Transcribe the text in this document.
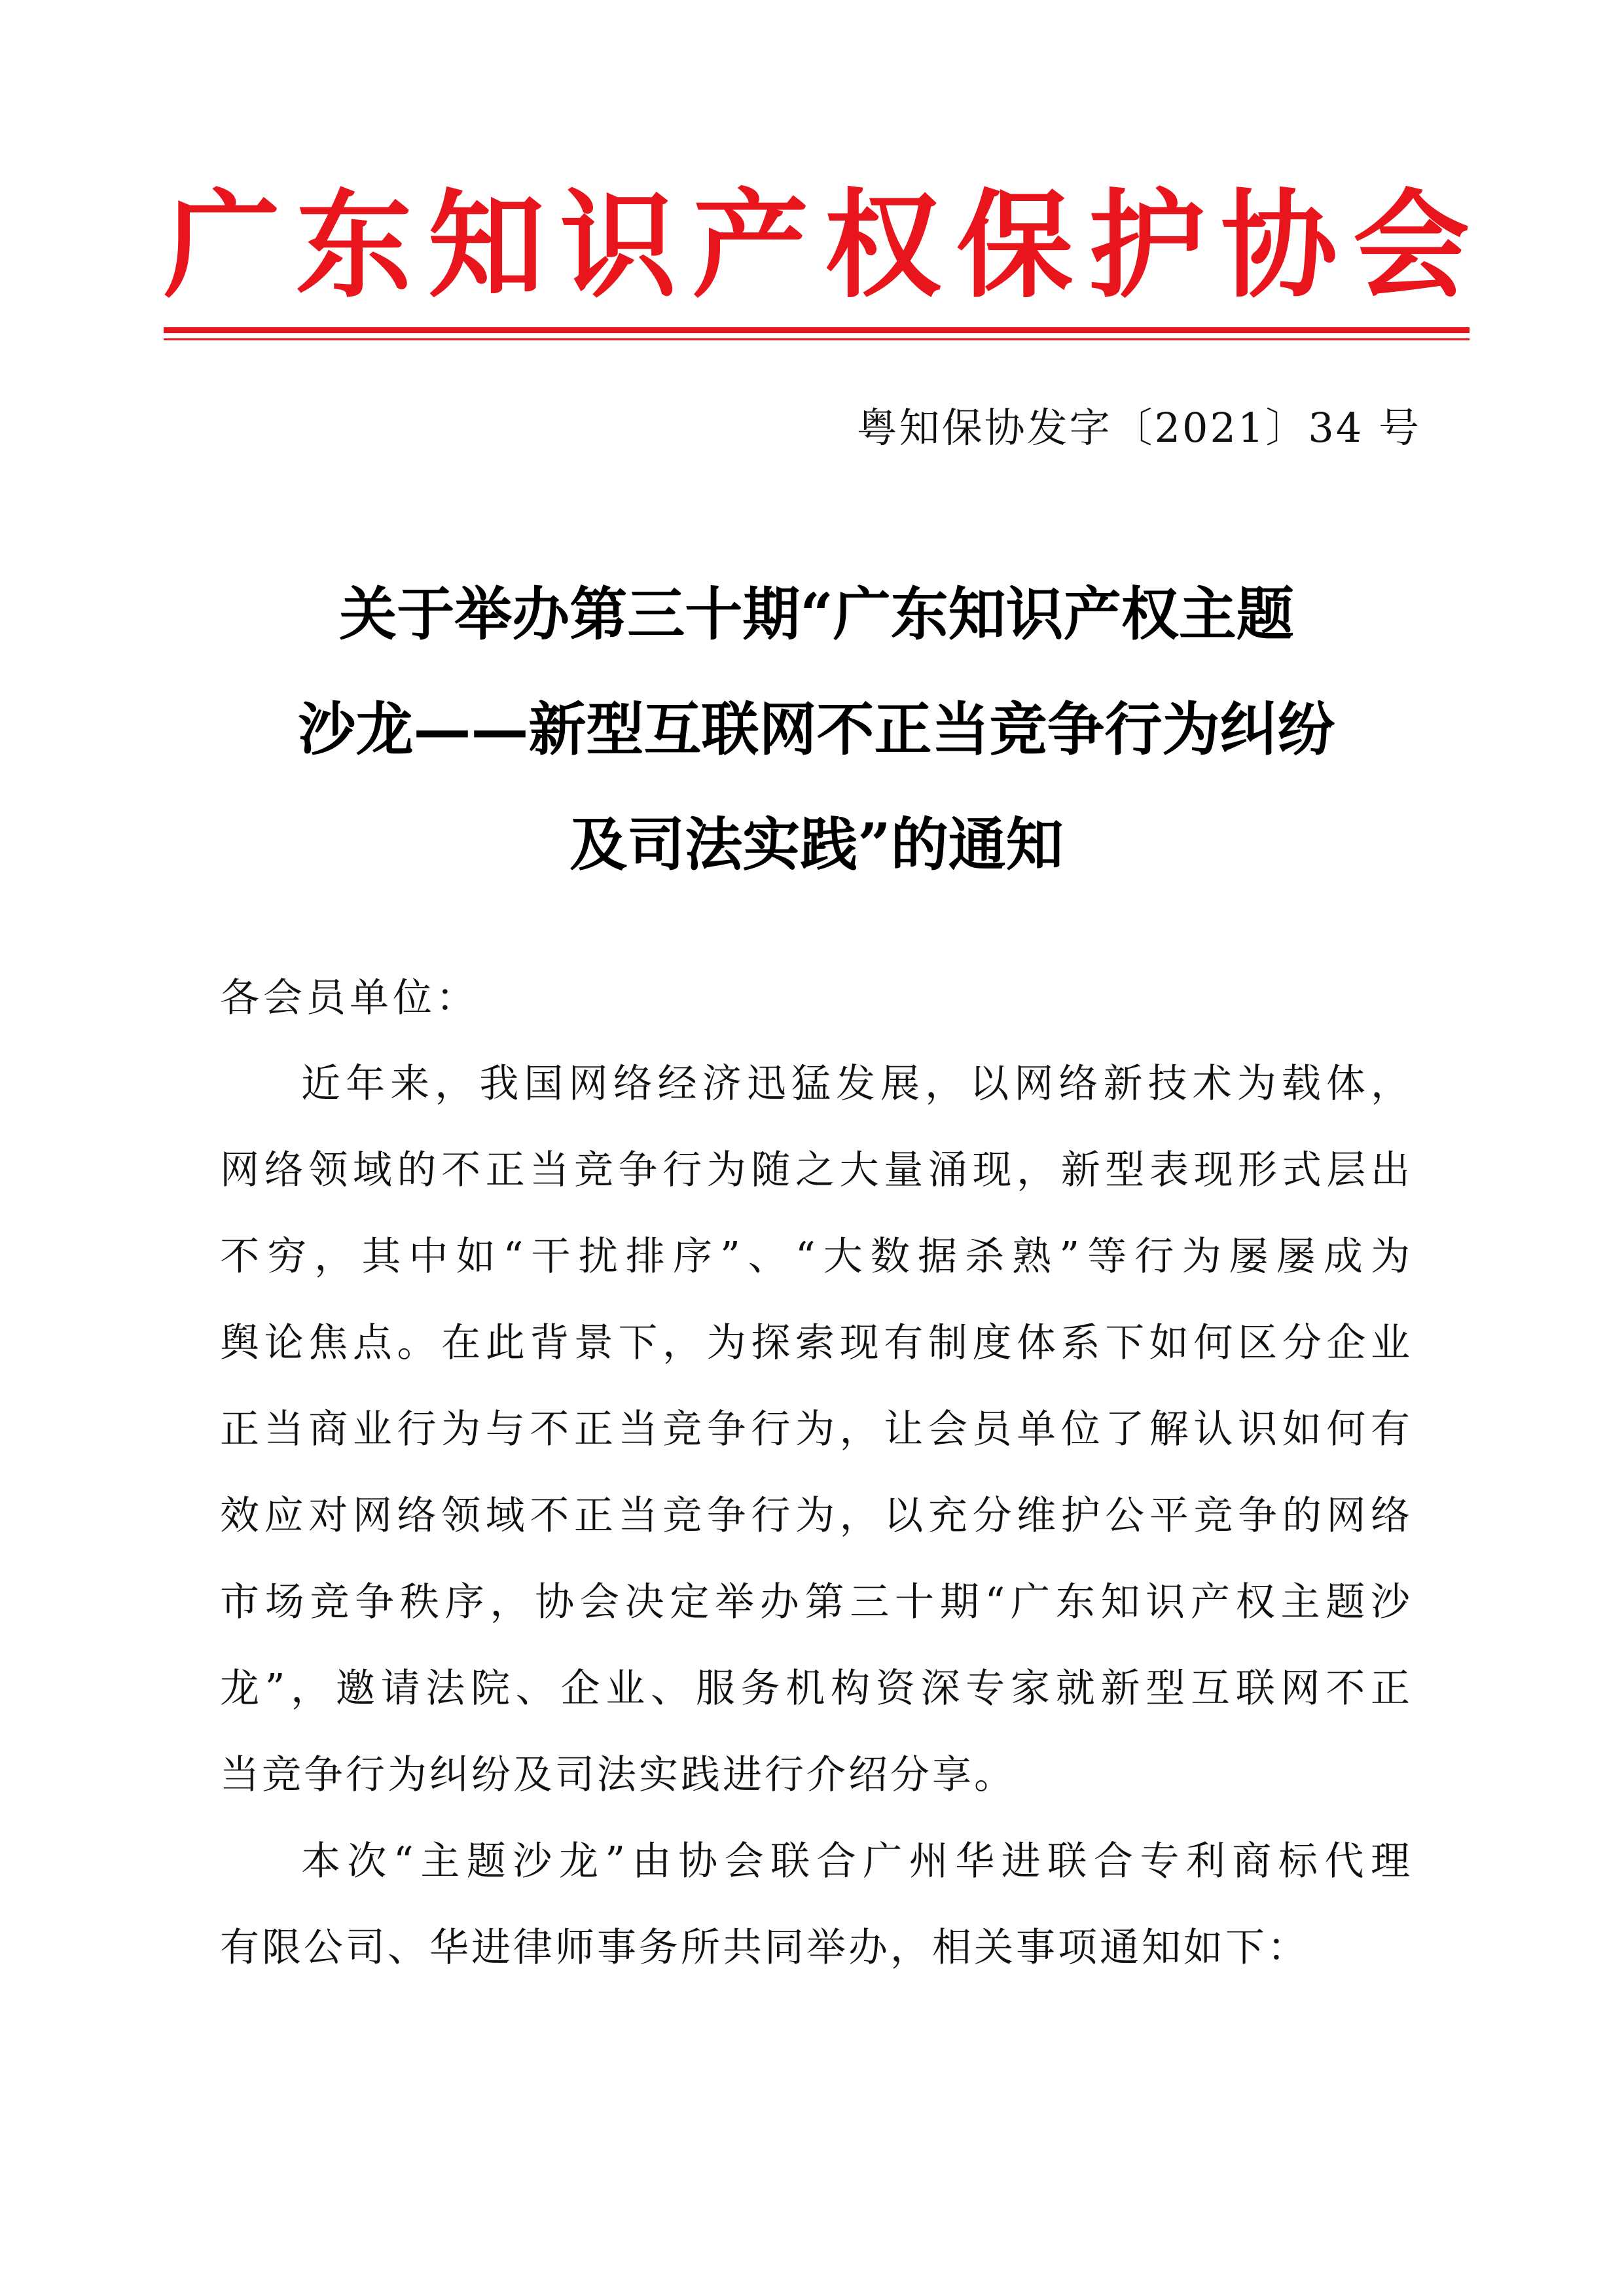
广 东 知 识 产 权 保 护 协 会
粤知保协发字〔2021〕34 号
关于举办第三十期“广东知识产权主题
沙龙——新型互联网不正当竞争行为纠纷
及司法实践”的通知

各会员单位：

近年来，我国网络经济迅猛发展，以网络新技术为载体，
网络领域的不正当竞争行为随之大量涌现，新型表现形式层出
不穷，其中如“干扰排序”、“大数据杀熟”等行为屡屡成为
舆论焦点。在此背景下，为探索现有制度体系下如何区分企业
正当商业行为与不正当竞争行为，让会员单位了解认识如何有
效应对网络领域不正当竞争行为，以充分维护公平竞争的网络
市场竞争秩序，协会决定举办第三十期“广东知识产权主题沙
龙”，邀请法院、企业、服务机构资深专家就新型互联网不正
当竞争行为纠纷及司法实践进行介绍分享。
本次“主题沙龙”由协会联合广州华进联合专利商标代理
有限公司、华进律师事务所共同举办，相关事项通知如下：
